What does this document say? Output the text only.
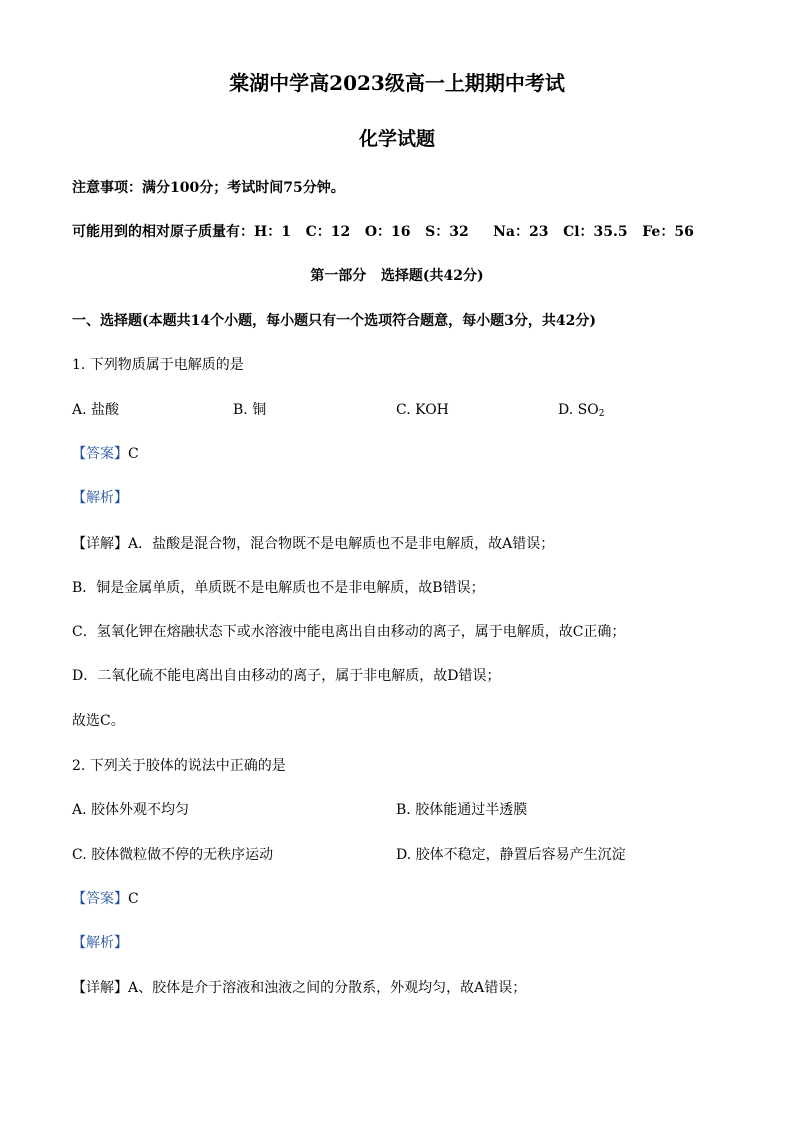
棠湖中学高2023级高一上期期中考试
化学试题
注意事项：满分100分；考试时间75分钟。
可能用到的相对原子质量有：H：1   C：12   O：16   S：32     Na：23   Cl：35.5   Fe：56
第一部分   选择题(共42分)
一、选择题(本题共14个小题，每小题只有一个选项符合题意，每小题3分，共42分)
1. 下列物质属于电解质的是
A. 盐酸	B. 铜	C. KOH	D. $SO_2$
【答案】C
【解析】
【详解】A．盐酸是混合物，混合物既不是电解质也不是非电解质，故A错误；
B．铜是金属单质，单质既不是电解质也不是非电解质，故B错误；
C．氢氧化钾在熔融状态下或水溶液中能电离出自由移动的离子，属于电解质，故C正确；
D．二氧化硫不能电离出自由移动的离子，属于非电解质，故D错误；
故选C。
2. 下列关于胶体的说法中正确的是
A. 胶体外观不均匀	B. 胶体能通过半透膜
C. 胶体微粒做不停的无秩序运动	D. 胶体不稳定，静置后容易产生沉淀
【答案】C
【解析】
【详解】A、胶体是介于溶液和浊液之间的分散系，外观均匀，故A错误；
